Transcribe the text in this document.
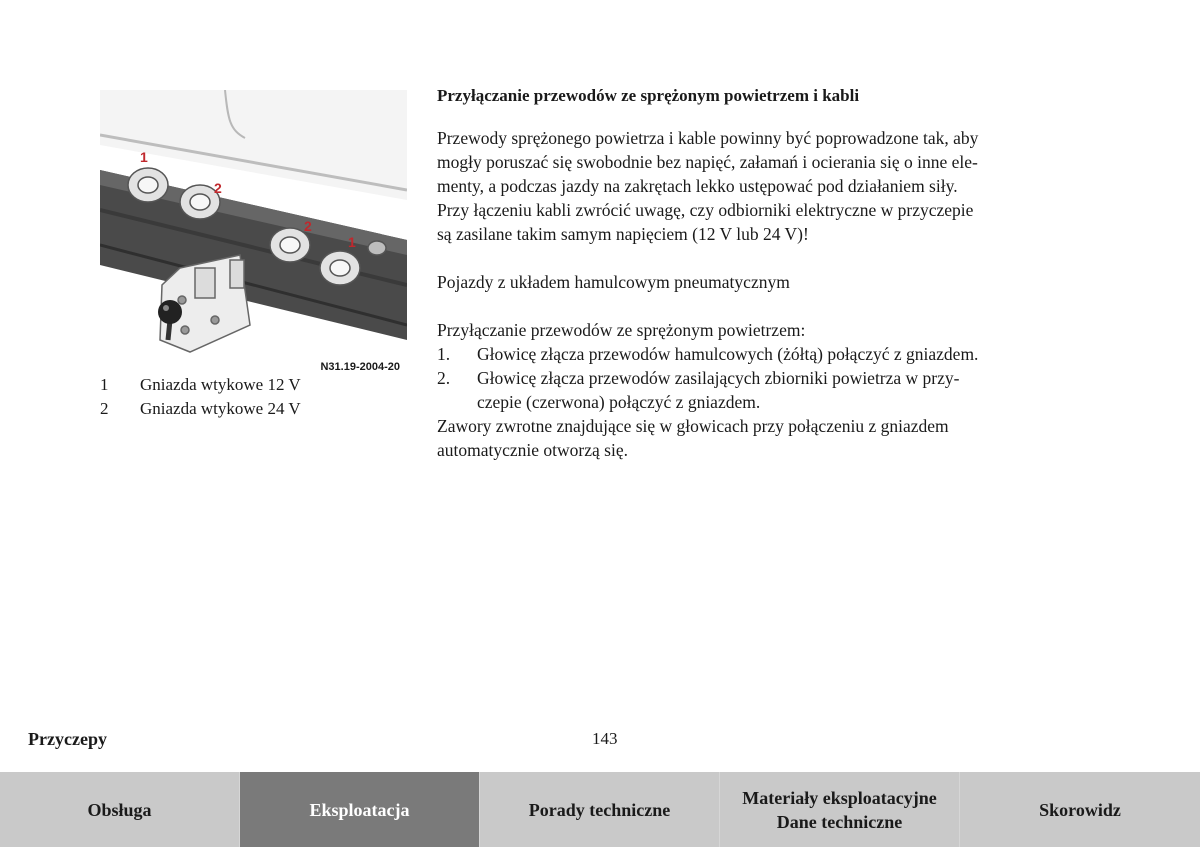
1
2
2
1
N31.19-2004-20
1 Gniazda wtykowe 12 V
2 Gniazda wtykowe 24 V
Przyłączanie przewodów ze sprężonym powietrzem i kabli

Przewody sprężonego powietrza i kable powinny być poprowadzone tak, aby
mogły poruszać się swobodnie bez napięć, załamań i ocierania się o inne ele-
menty, a podczas jazdy na zakrętach lekko ustępować pod działaniem siły.
Przy łączeniu kabli zwrócić uwagę, czy odbiorniki elektryczne w przyczepie
są zasilane takim samym napięciem (12 V lub 24 V)!

Pojazdy z układem hamulcowym pneumatycznym

Przyłączanie przewodów ze sprężonym powietrzem:

1.	Głowicę złącza przewodów hamulcowych (żółtą) połączyć z gniazdem.
2.	Głowicę złącza przewodów zasilających zbiorniki powietrza w przy-
czepie (czerwona) połączyć z gniazdem.

Zawory zwrotne znajdujące się w głowicach przy połączeniu z gniazdem
automatycznie otworzą się.

Przyczepy	143
Obsługa	Eksploatacja	Porady techniczne
Materiały eksploatacyjne
Dane techniczne
Skorowidz
